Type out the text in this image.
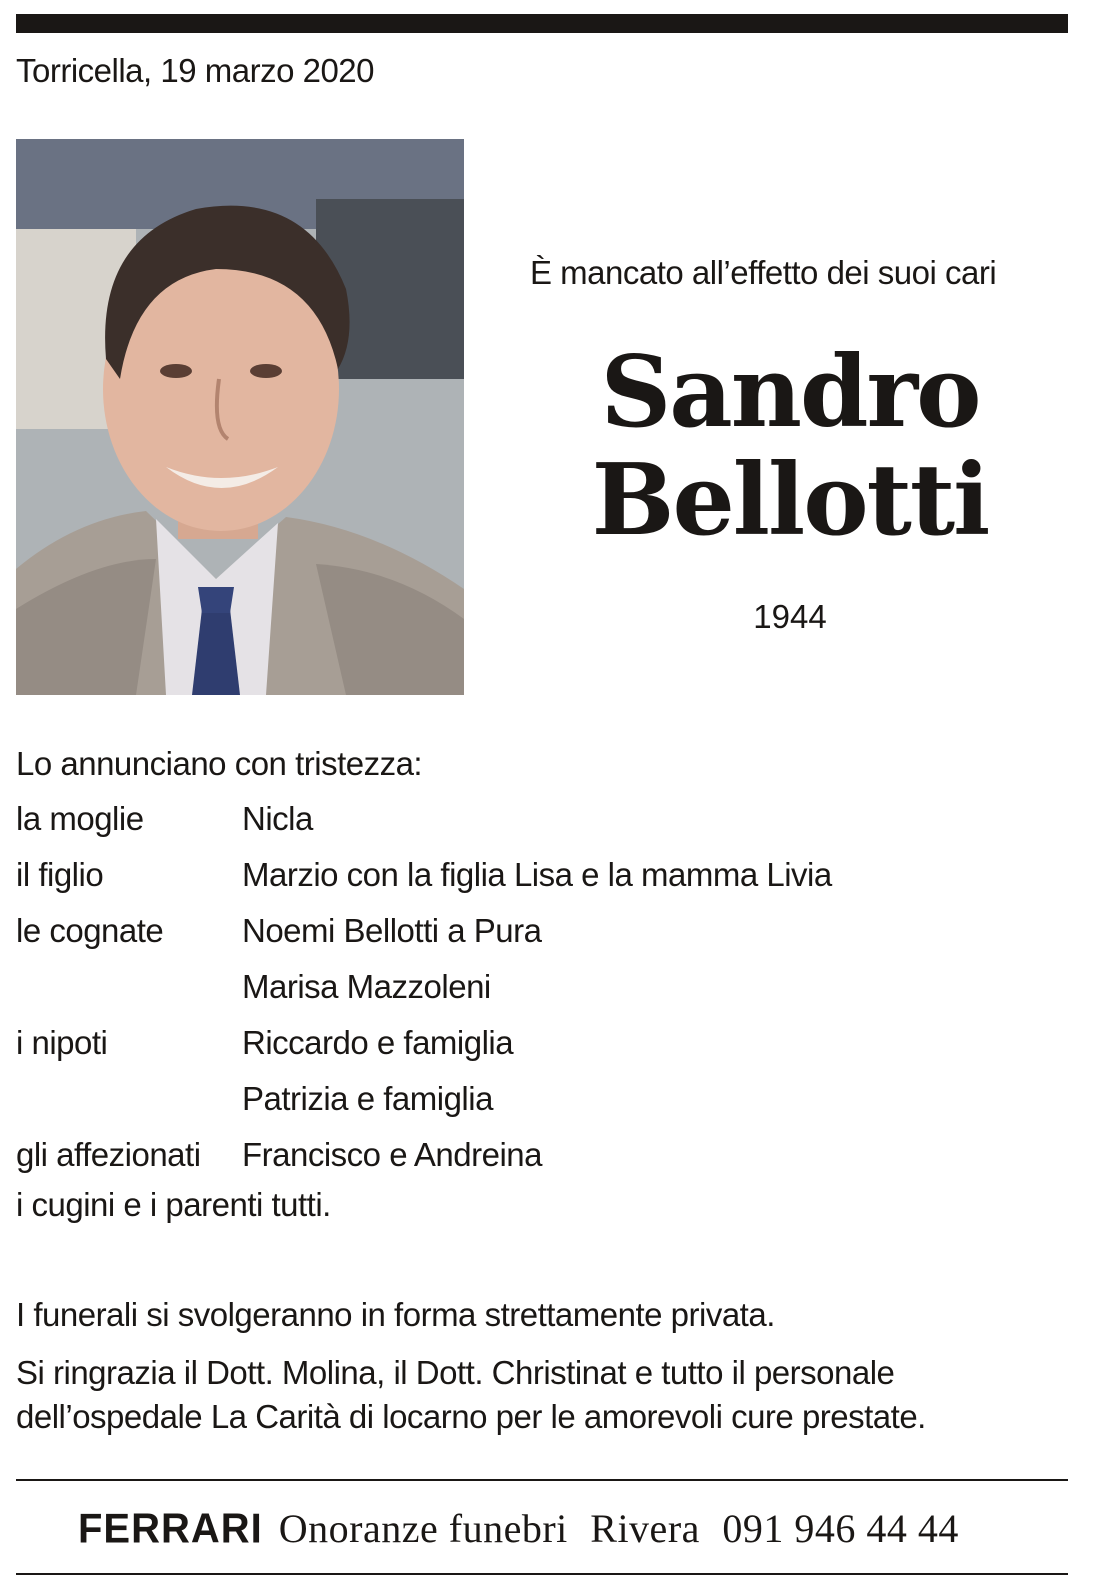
Torricella, 19 marzo 2020
È mancato all’effetto dei suoi cari
Sandro
Bellotti
1944
Lo annunciano con tristezza:
la moglie	Nicla
il figlio	Marzio con la figlia Lisa e la mamma Livia
le cognate	Noemi Bellotti a Pura
Marisa Mazzoleni
i nipoti	Riccardo e famiglia
Patrizia e famiglia
gli affezionati	Francisco e Andreina
i cugini e i parenti tutti.
I funerali si svolgeranno in forma strettamente privata.
Si ringrazia il Dott. Molina, il Dott. Christinat e tutto il personale
dell’ospedale La Carità di locarno per le amorevoli cure prestate.
FERRARI Onoranze funebri Rivera 091 946 44 44
